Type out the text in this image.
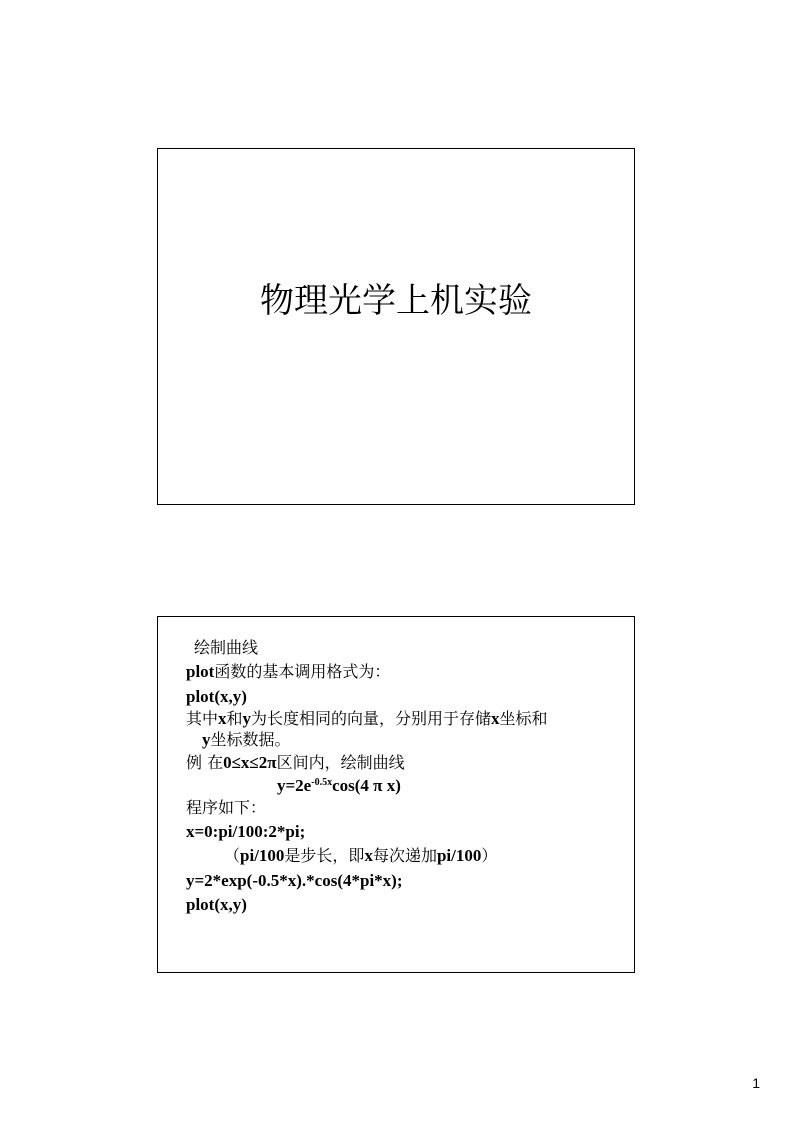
物理光学上机实验
绘制曲线
plot函数的基本调用格式为：
plot(x,y)
其中x和y为长度相同的向量，分别用于存储x坐标和
y坐标数据。
例 在0≤x≤2π区间内，绘制曲线
$y=2e^{-0.5x}\cos(4$ π x)
程序如下：
x=0:pi/100:2*pi;
（pi/100是步长，即x每次递加pi/100）
y=2*exp(-0.5*x).*cos(4*pi*x);
plot(x,y)
1
